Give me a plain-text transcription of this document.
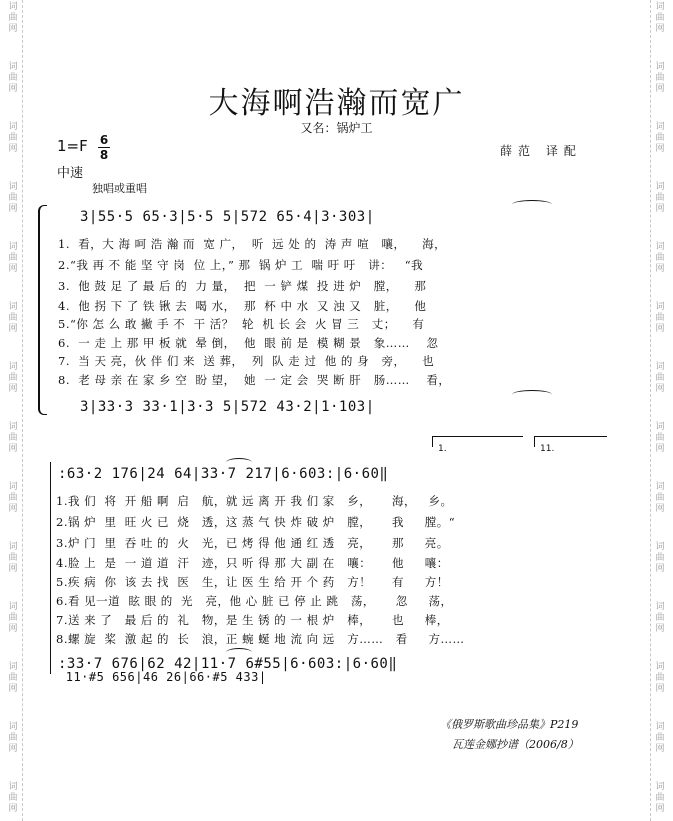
词
曲
网
词
曲
网
词
曲
网
词
曲
网
词
曲
网
词
曲
网
词
曲
网
词
曲
网
词
曲
网
词
曲
网
词
曲
网
词
曲
网
词
曲
网
词
曲
网
词
曲
网
词
曲
网
词
曲
网
词
曲
网
词
曲
网
词
曲
网
词
曲
网
词
曲
网
词
曲
网
词
曲
网
词
曲
网
词
曲
网
词
曲
网
词
曲
网
大海啊浩瀚而宽广
又名：锅炉工
1=F 6
8	薛范 译配
中速
独唱或重唱
3|55·5 65·3|5·5 5|572 65·4|3·303|
1.  看，大 海 呵 浩 瀚 而  宽 广，  听  远 处 的  涛 声 喧   嚷，    海，
2.“我 再 不 能 坚 守 岗  位 上，” 那  锅 炉 工  喘 吁 吁   讲：   “我
3.  他 鼓 足 了 最 后 的  力 量，  把  一 铲 煤  投 进 炉   膛，    那
4.  他 拐 下 了 铁 锹 去  喝 水，  那  杯 中 水  又 浊 又   脏，    他
5.“你 怎 么 敢 撇 手 不  干 活？  轮  机 长 会  火 冒 三   丈；    有
6.  一 走 上 那 甲 板 就  晕 倒，  他  眼 前 是  模 糊 景   象……    忽
7.  当 天 亮，伙 伴 们 来  送 葬，  列  队 走 过  他 的 身   旁，    也
8.  老 母 亲 在 家 乡 空  盼 望，  她  一 定 会  哭 断 肝   肠……    看，
3|33·3 33·1|3·3 5|572 43·2|1·103|
1.	11.
:63·2 176|24 64|33·7 217|6·603:|6·60‖
1.我 们  将  开 船 啊  启   航，就 远 离 开 我 们 家   乡，     海，   乡。
2.锅 炉  里  旺 火 已  烧   透，这 蒸 气 快 炸 破 炉   膛，     我     膛。“
3.炉 门  里  吞 吐 的  火   光，已 烤 得 他 通 红 透   亮，     那     亮。
4.脸 上  是  一 道 道  汗   迹，只 听 得 那 大 副 在   嚷：     他     嚷：
5.疾 病  你  该 去 找  医   生，让 医 生 给 开 个 药   方！     有     方！
6.看 见一道  眩 眼 的  光   亮，他 心 脏 已 停 止 跳   荡，     忽     荡，
7.送 来 了   最 后 的  礼   物，是 生 锈 的 一 根 炉   棒，     也     棒，
8.螺 旋  桨  激 起 的  长   浪，正 蜿 蜒 地 流 向 远   方……   看     方……
:33·7 676|62 42|11·7 6#55|6·603:|6·60‖
11·#5 656|46 26|66·#5 433|
《俄罗斯歌曲珍品集》P219
瓦莲金娜抄谱（2006/8）
